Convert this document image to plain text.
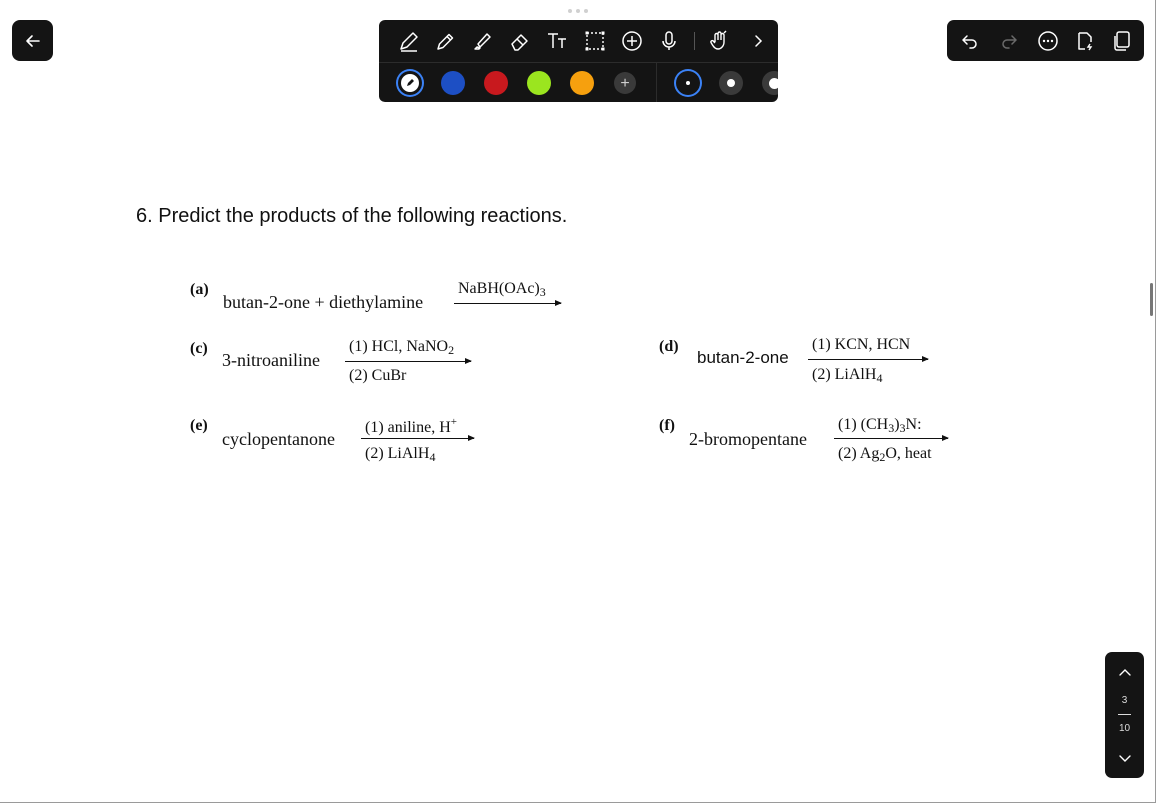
+
6. Predict the products of the following reactions.
(a)
butan-2-one + diethylamine
$NaBH(OAc)_3$
(c)
3-nitroaniline
(1) HCl, NaNO$_2$
(2) CuBr
(d)
butan-2-one
(1) KCN, HCN
(2) LiAlH$_4$
(e)
cyclopentanone
(1) aniline, H+
(2) LiAlH$_4$
(f)
2-bromopentane
(1) $(CH_3)_3N$:
(2) $Ag_2O$, heat
3
10
